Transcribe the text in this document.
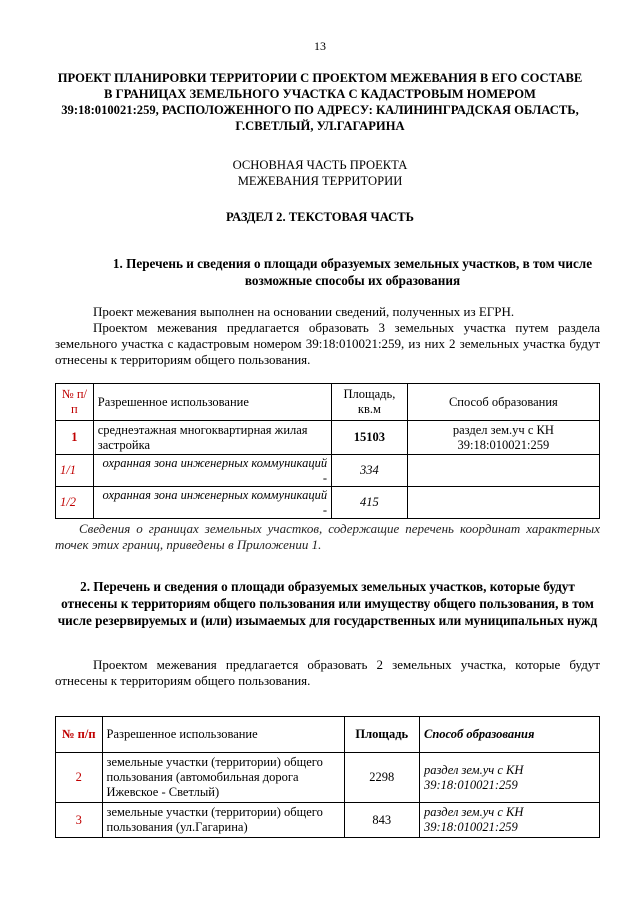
13
ПРОЕКТ ПЛАНИРОВКИ ТЕРРИТОРИИ С ПРОЕКТОМ МЕЖЕВАНИЯ В ЕГО СОСТАВЕ В ГРАНИЦАХ ЗЕМЕЛЬНОГО УЧАСТКА С КАДАСТРОВЫМ НОМЕРОМ 39:18:010021:259, РАСПОЛОЖЕННОГО ПО АДРЕСУ: КАЛИНИНГРАДСКАЯ ОБЛАСТЬ, Г.СВЕТЛЫЙ, УЛ.ГАГАРИНА
ОСНОВНАЯ ЧАСТЬ ПРОЕКТА
МЕЖЕВАНИЯ ТЕРРИТОРИИ
РАЗДЕЛ 2. ТЕКСТОВАЯ ЧАСТЬ
1. Перечень и сведения о площади образуемых земельных участков, в том числе возможные способы их образования

Проект межевания выполнен на основании сведений, полученных из ЕГРН.

Проектом межевания предлагается образовать 3 земельных участка путем раздела земельного участка с кадастровым номером 39:18:010021:259, из них 2 земельных участка будут отнесены к территориям общего пользования.

№ п/п	Разрешенное использование	Площадь, кв.м	Способ образования
1	среднеэтажная многоквартирная жилая застройка	15103	раздел зем.уч с КН 39:18:010021:259
1/1	охранная зона инженерных коммуникаций -	334	
1/2	охранная зона инженерных коммуникаций -	415	
Сведения о границах земельных участков, содержащие перечень координат характерных точек этих границ, приведены в Приложении 1.
2. Перечень и сведения о площади образуемых земельных участков, которые будут отнесены к территориям общего пользования или имуществу общего пользования, в том числе резервируемых и (или) изымаемых для государственных или муниципальных нужд
Проектом межевания предлагается образовать 2 земельных участка, которые будут отнесены к территориям общего пользования.
№ п/п	Разрешенное использование	Площадь	Способ образования
2	земельные участки (территории) общего пользования (автомобильная дорога Ижевское - Светлый)	2298	раздел зем.уч с КН 39:18:010021:259
3	земельные участки (территории) общего пользования (ул.Гагарина)	843	раздел зем.уч с КН 39:18:010021:259
